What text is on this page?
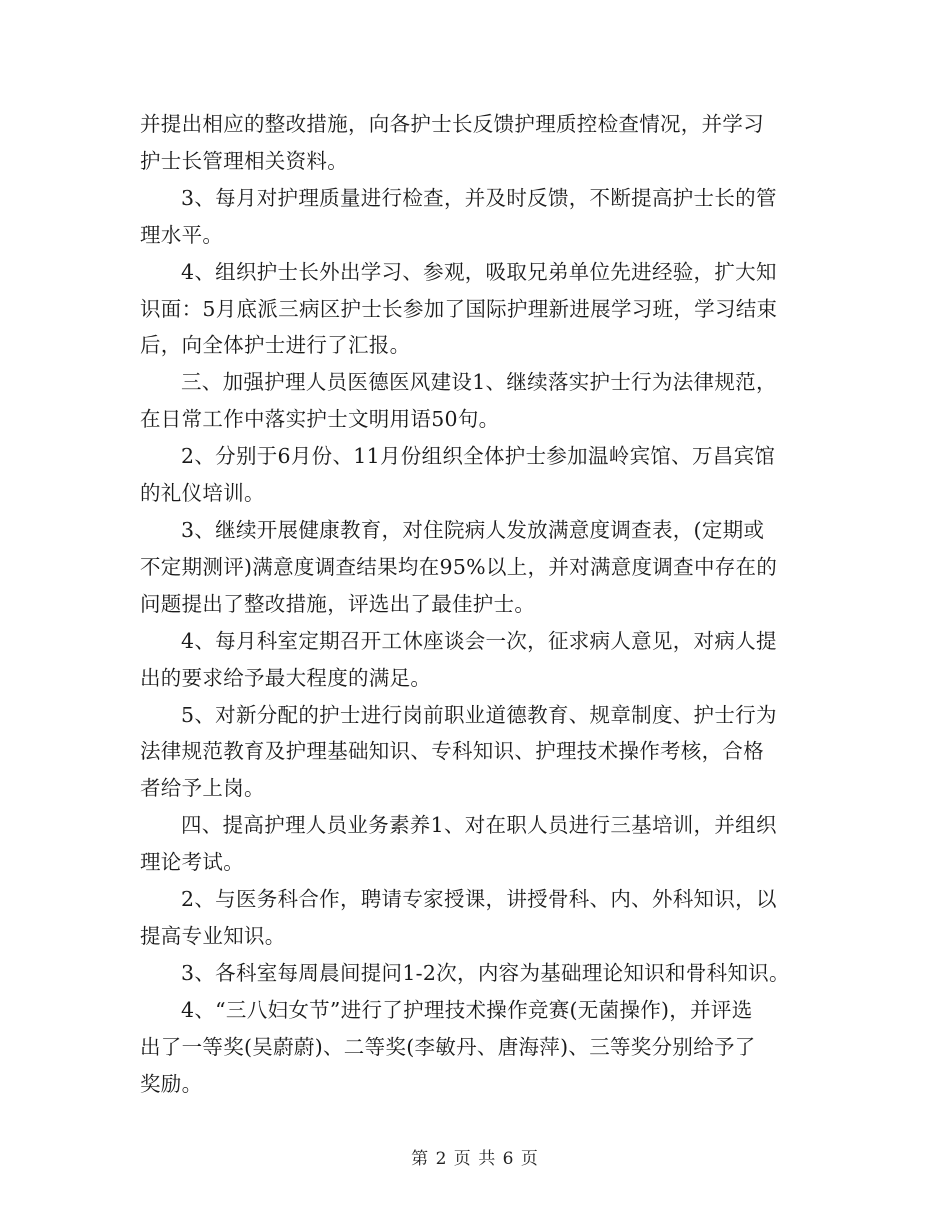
并提出相应的整改措施，向各护士长反馈护理质控检查情况，并学习
护士长管理相关资料。
3、每月对护理质量进行检查，并及时反馈，不断提高护士长的管
理水平。
4、组织护士长外出学习、参观，吸取兄弟单位先进经验，扩大知
识面：5月底派三病区护士长参加了国际护理新进展学习班，学习结束
后，向全体护士进行了汇报。
三、加强护理人员医德医风建设1、继续落实护士行为法律规范，
在日常工作中落实护士文明用语50句。
2、分别于6月份、11月份组织全体护士参加温岭宾馆、万昌宾馆
的礼仪培训。
3、继续开展健康教育，对住院病人发放满意度调查表，(定期或
不定期测评)满意度调查结果均在95%以上，并对满意度调查中存在的
问题提出了整改措施，评选出了最佳护士。
4、每月科室定期召开工休座谈会一次，征求病人意见，对病人提
出的要求给予最大程度的满足。
5、对新分配的护士进行岗前职业道德教育、规章制度、护士行为
法律规范教育及护理基础知识、专科知识、护理技术操作考核，合格
者给予上岗。
四、提高护理人员业务素养1、对在职人员进行三基培训，并组织
理论考试。
2、与医务科合作，聘请专家授课，讲授骨科、内、外科知识，以
提高专业知识。
3、各科室每周晨间提问1-2次，内容为基础理论知识和骨科知识。
4、“三八妇女节”进行了护理技术操作竞赛(无菌操作)，并评选
出了一等奖(吴蔚蔚)、二等奖(李敏丹、唐海萍)、三等奖分别给予了
奖励。
第 2 页 共 6 页
